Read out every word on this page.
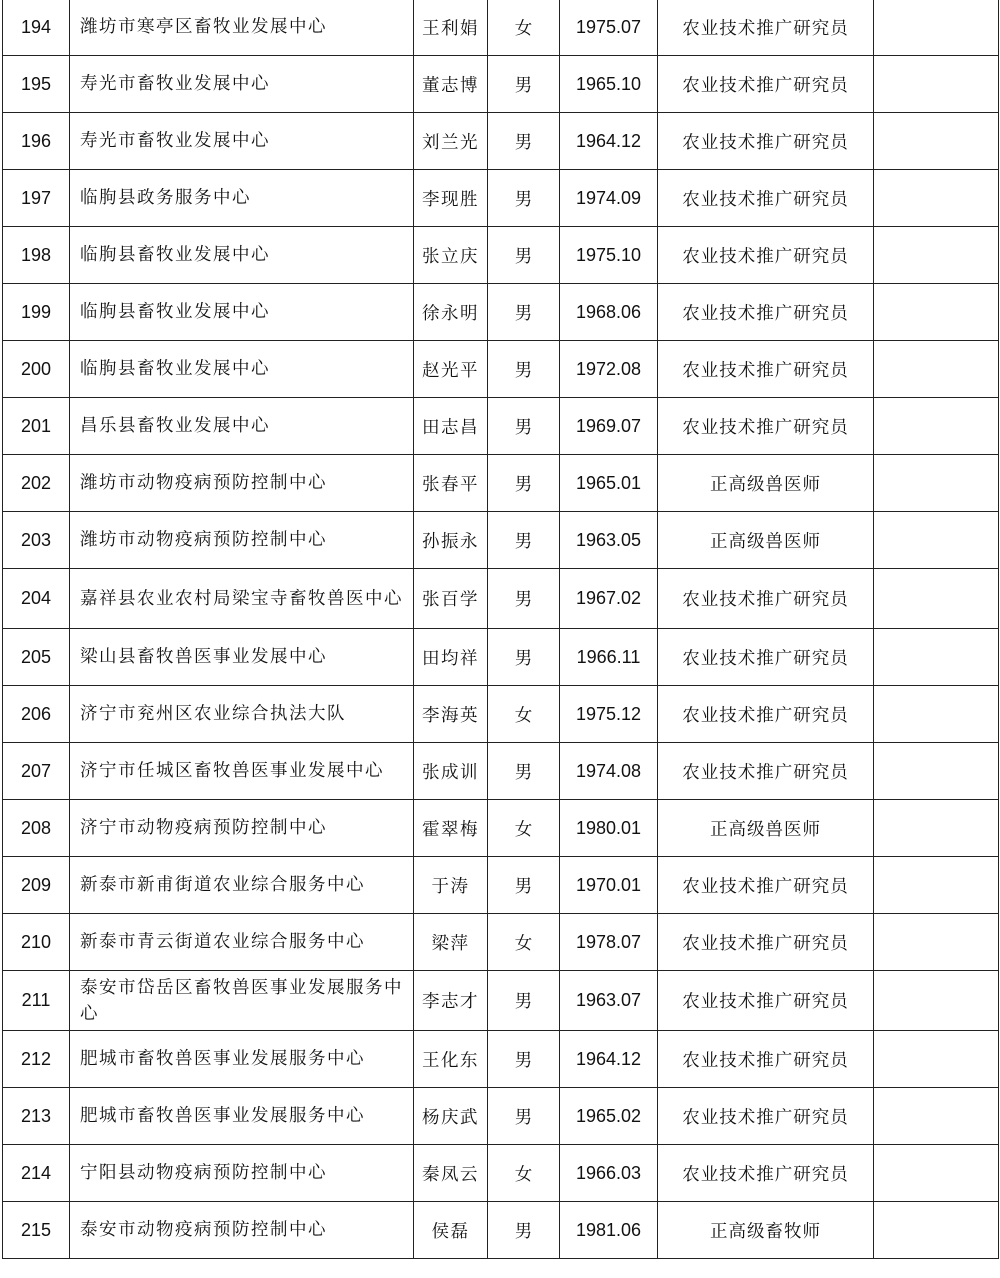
194	潍坊市寒亭区畜牧业发展中心	王利娟	女	1975.07	农业技术推广研究员	
195	寿光市畜牧业发展中心	董志博	男	1965.10	农业技术推广研究员	
196	寿光市畜牧业发展中心	刘兰光	男	1964.12	农业技术推广研究员	
197	临朐县政务服务中心	李现胜	男	1974.09	农业技术推广研究员	
198	临朐县畜牧业发展中心	张立庆	男	1975.10	农业技术推广研究员	
199	临朐县畜牧业发展中心	徐永明	男	1968.06	农业技术推广研究员	
200	临朐县畜牧业发展中心	赵光平	男	1972.08	农业技术推广研究员	
201	昌乐县畜牧业发展中心	田志昌	男	1969.07	农业技术推广研究员	
202	潍坊市动物疫病预防控制中心	张春平	男	1965.01	正高级兽医师	
203	潍坊市动物疫病预防控制中心	孙振永	男	1963.05	正高级兽医师	
204	嘉祥县农业农村局梁宝寺畜牧兽医中心	张百学	男	1967.02	农业技术推广研究员	
205	梁山县畜牧兽医事业发展中心	田均祥	男	1966.11	农业技术推广研究员	
206	济宁市兖州区农业综合执法大队	李海英	女	1975.12	农业技术推广研究员	
207	济宁市任城区畜牧兽医事业发展中心	张成训	男	1974.08	农业技术推广研究员	
208	济宁市动物疫病预防控制中心	霍翠梅	女	1980.01	正高级兽医师	
209	新泰市新甫街道农业综合服务中心	于涛	男	1970.01	农业技术推广研究员	
210	新泰市青云街道农业综合服务中心	梁萍	女	1978.07	农业技术推广研究员	
211	泰安市岱岳区畜牧兽医事业发展服务中心	李志才	男	1963.07	农业技术推广研究员	
212	肥城市畜牧兽医事业发展服务中心	王化东	男	1964.12	农业技术推广研究员	
213	肥城市畜牧兽医事业发展服务中心	杨庆武	男	1965.02	农业技术推广研究员	
214	宁阳县动物疫病预防控制中心	秦凤云	女	1966.03	农业技术推广研究员	
215	泰安市动物疫病预防控制中心	侯磊	男	1981.06	正高级畜牧师	
